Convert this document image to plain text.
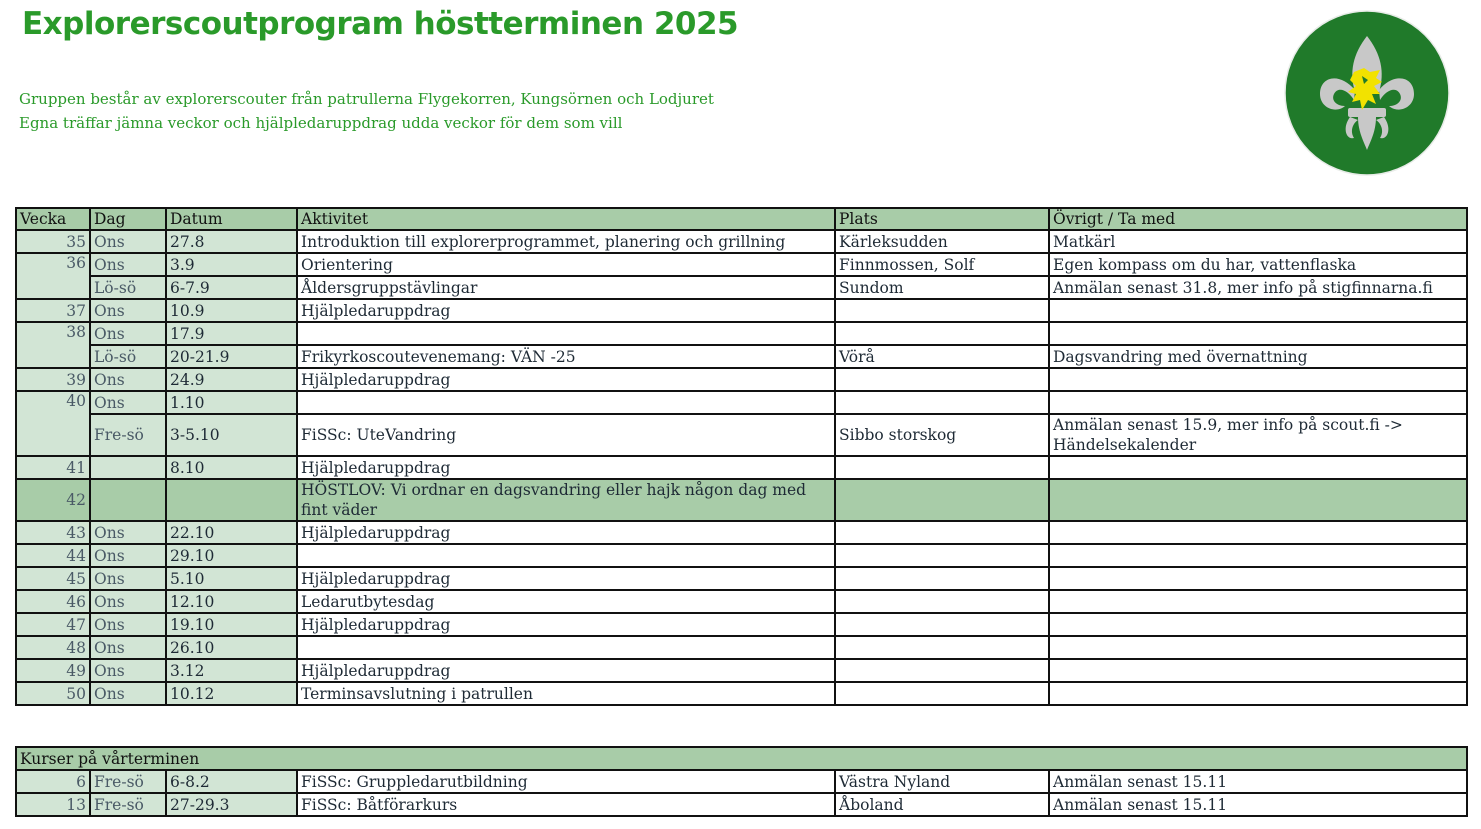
Explorerscoutprogram höstterminen 2025
Gruppen består av explorerscouter från patrullerna Flygekorren, Kungsörnen och Lodjuret
Egna träffar jämna veckor och hjälpledaruppdrag udda veckor för dem som vill
Vecka	Dag	Datum	Aktivitet	Plats	Övrigt / Ta med
35	Ons	27.8	Introduktion till explorerprogrammet, planering och grillning	Kärleksudden	Matkärl
36	Ons	3.9	Orientering	Finnmossen, Solf	Egen kompass om du har, vattenflaska
	Lö-sö	6-7.9	Åldersgruppstävlingar	Sundom	Anmälan senast 31.8, mer info på stigfinnarna.fi
37	Ons	10.9	Hjälpledaruppdrag		
38	Ons	17.9			
	Lö-sö	20-21.9	Frikyrkoscoutevenemang: VÄN -25	Vörå	Dagsvandring med övernattning
39	Ons	24.9	Hjälpledaruppdrag		
40	Ons	1.10			
	Fre-sö	3-5.10	FiSSc: UteVandring	Sibbo storskog	Anmälan senast 15.9, mer info på scout.fi -> Händelsekalender
41		8.10	Hjälpledaruppdrag		
42			HÖSTLOV: Vi ordnar en dagsvandring eller hajk någon dag med fint väder		
43	Ons	22.10	Hjälpledaruppdrag		
44	Ons	29.10			
45	Ons	5.10	Hjälpledaruppdrag		
46	Ons	12.10	Ledarutbytesdag		
47	Ons	19.10	Hjälpledaruppdrag		
48	Ons	26.10			
49	Ons	3.12	Hjälpledaruppdrag		
50	Ons	10.12	Terminsavslutning i patrullen		
Kurser på vårterminen					
6	Fre-sö	6-8.2	FiSSc: Gruppledarutbildning	Västra Nyland	Anmälan senast 15.11
13	Fre-sö	27-29.3	FiSSc: Båtförarkurs	Åboland	Anmälan senast 15.11
